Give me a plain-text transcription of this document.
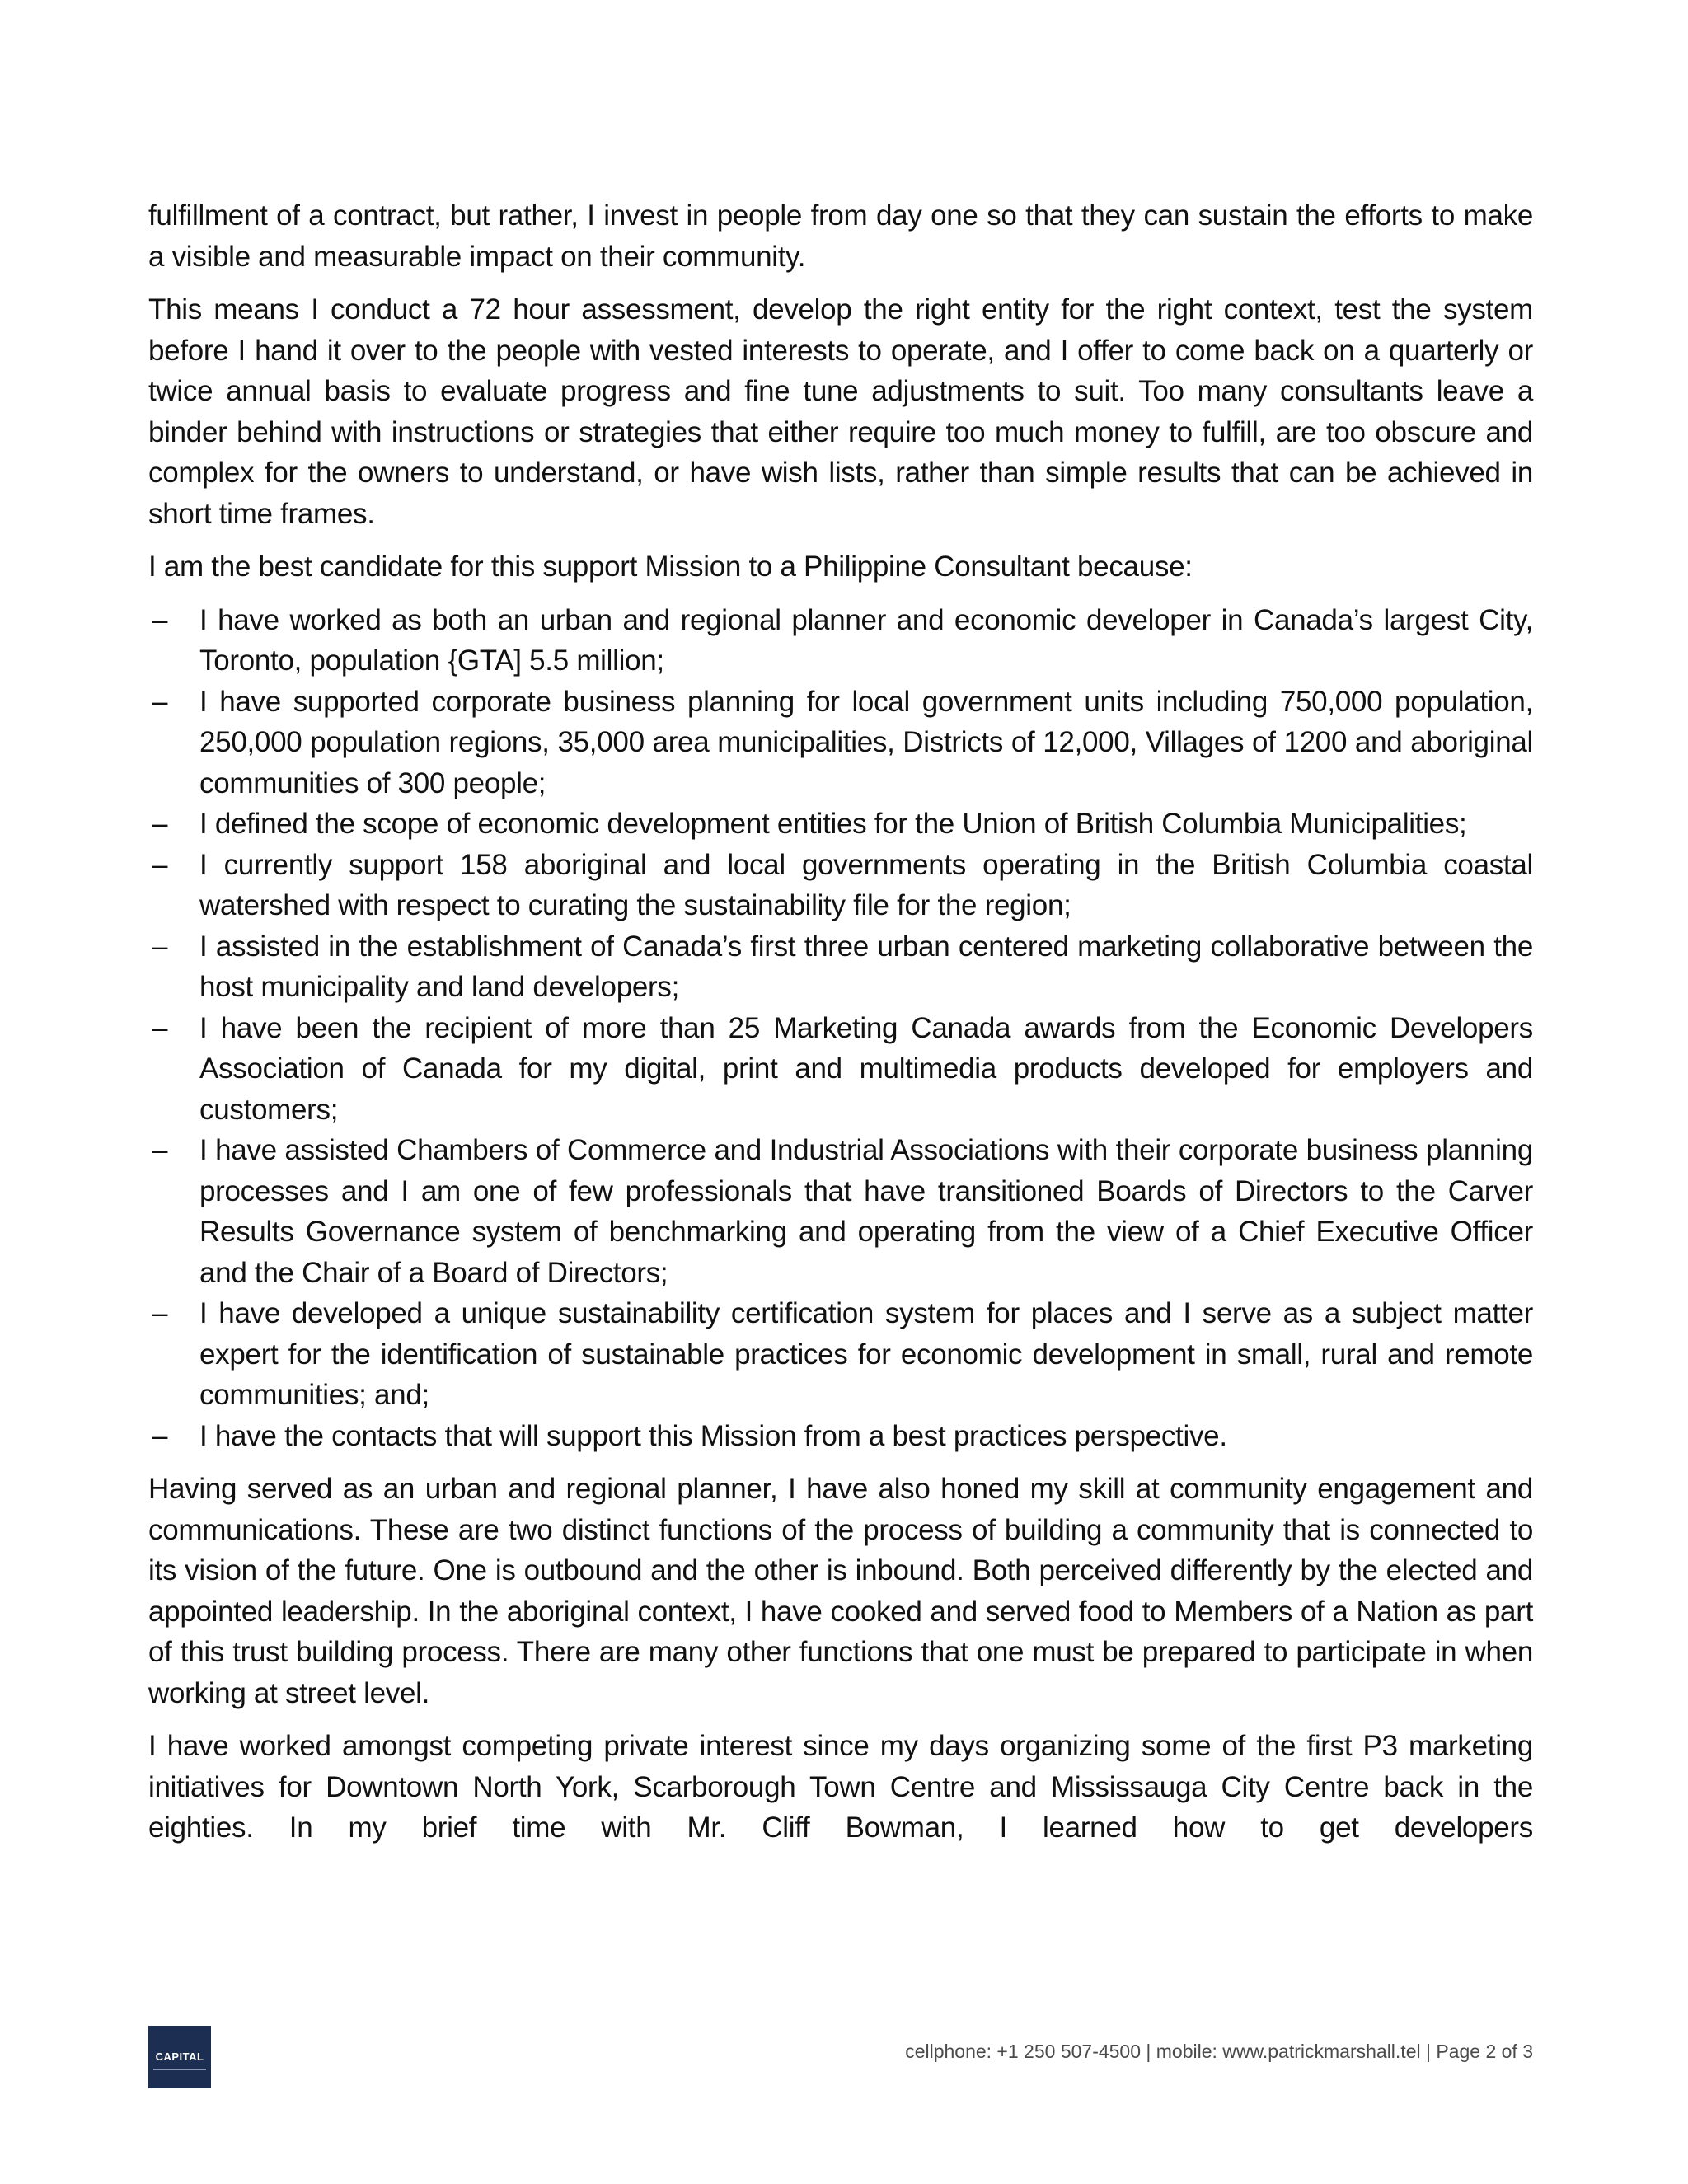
fulfillment of a contract, but rather, I invest in people from day one so that they can sustain the efforts to make a visible and measurable impact on their community.

This means I conduct a 72 hour assessment, develop the right entity for the right context, test the system before I hand it over to the people with vested interests to operate, and I offer to come back on a quarterly or twice annual basis to evaluate progress and fine tune adjustments to suit. Too many consultants leave a binder behind with instructions or strategies that either require too much money to fulfill, are too obscure and complex for the owners to understand, or have wish lists, rather than simple results that can be achieved in short time frames.

I am the best candidate for this support Mission to a Philippine Consultant because:

–	I have worked as both an urban and regional planner and economic developer in Canada’s largest City, Toronto, population {GTA] 5.5 million;
–	I have supported corporate business planning for local government units including 750,000 population, 250,000 population regions, 35,000 area municipalities, Districts of 12,000, Villages of 1200 and aboriginal communities of 300 people;
–	I defined the scope of economic development entities for the Union of British Columbia Municipalities;
–	I currently support 158 aboriginal and local governments operating in the British Columbia coastal watershed with respect to curating the sustainability file for the region;
–	I assisted in the establishment of Canada’s first three urban centered marketing collaborative between the host municipality and land developers;
–	I have been the recipient of more than 25 Marketing Canada awards from the Economic Developers Association of Canada for my digital, print and multimedia products developed for employers and customers;
–	I have assisted Chambers of Commerce and Industrial Associations with their corporate business planning processes and I am one of few professionals that have transitioned Boards of Directors to the Carver Results Governance system of benchmarking and operating from the view of a Chief Executive Officer and the Chair of a Board of Directors;
–	I have developed a unique sustainability certification system for places and I serve as a subject matter expert for the identification of sustainable practices for economic development in small, rural and remote communities; and;
–	I have the contacts that will support this Mission from a best practices perspective.

Having served as an urban and regional planner, I have also honed my skill at community engagement and communications. These are two distinct functions of the process of building a community that is connected to its vision of the future. One is outbound and the other is inbound. Both perceived differently by the elected and appointed leadership. In the aboriginal context, I have cooked and served food to Members of a Nation as part of this trust building process. There are many other functions that one must be prepared to participate in when working at street level.

I have worked amongst competing private interest since my days organizing some of the first P3 marketing initiatives for Downtown North York, Scarborough Town Centre and Mississauga City Centre back in the eighties. In my brief time with Mr. Cliff Bowman, I learned how to get developers

CAPITAL	cellphone: +1 250 507-4500 | mobile: www.patrickmarshall.tel | Page 2 of 3
